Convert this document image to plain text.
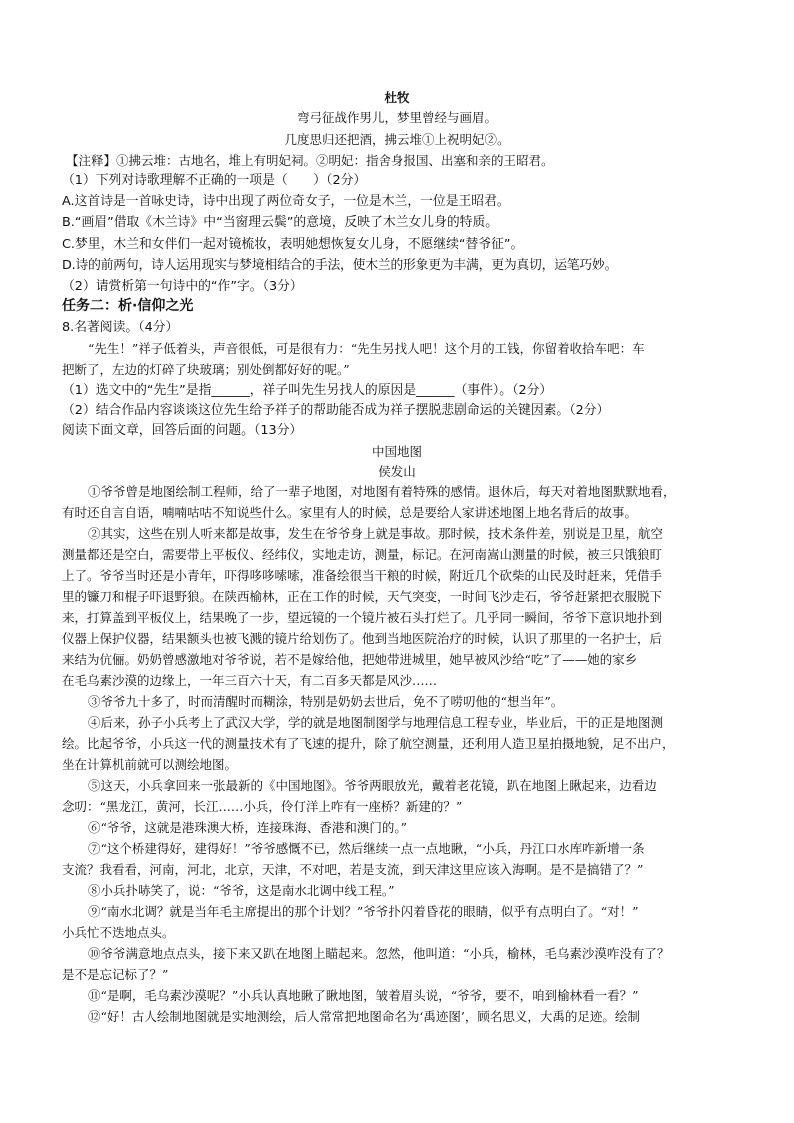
杜牧
弯弓征战作男儿，梦里曾经与画眉。
几度思归还把酒，拂云堆①上祝明妃②。
【注释】①拂云堆：古地名，堆上有明妃祠。②明妃：指舍身报国、出塞和亲的王昭君。
（1）下列对诗歌理解不正确的一项是（　　）（2分）
A.这首诗是一首咏史诗，诗中出现了两位奇女子，一位是木兰，一位是王昭君。
B.“画眉”借取《木兰诗》中“当窗理云鬓”的意境，反映了木兰女儿身的特质。
C.梦里，木兰和女伴们一起对镜梳妆，表明她想恢复女儿身，不愿继续“替爷征”。
D.诗的前两句，诗人运用现实与梦境相结合的手法，使木兰的形象更为丰满，更为真切，运笔巧妙。
（2）请赏析第一句诗中的“作”字。（3分）
任务二：析·信仰之光
8.名著阅读。（4分）
“先生！”祥子低着头，声音很低，可是很有力：“先生另找人吧！这个月的工钱，你留着收拾车吧：车
把断了，左边的灯碎了块玻璃；别处倒都好好的呢。”
（1）选文中的“先生”是指______，祥子叫先生另找人的原因是______（事件）。（2分）
（2）结合作品内容谈谈这位先生给予祥子的帮助能否成为祥子摆脱悲剧命运的关键因素。（2分）
阅读下面文章，回答后面的问题。（13分）
中国地图
侯发山
①爷爷曾是地图绘制工程师，给了一辈子地图，对地图有着特殊的感情。退休后，每天对着地图默默地看，
有时还自言自语，喃喃咕咕不知说些什么。家里有人的时候，总是要给人家讲述地图上地名背后的故事。
②其实，这些在别人听来都是故事，发生在爷爷身上就是事故。那时候，技术条件差，别说是卫星，航空
测量都还是空白，需要带上平板仪、经纬仪，实地走访，测量，标记。在河南嵩山测量的时候，被三只饿狼盯
上了。爷爷当时还是小青年，吓得哆哆嗦嗦，准备绘很当干粮的时候，附近几个砍柴的山民及时赶来，凭借手
里的镰刀和棍子吓退野狼。在陕西榆林，正在工作的时候，天气突变，一时间飞沙走石，爷爷赶紧把衣服脱下
来，打算盖到平板仪上，结果晚了一步，望远镜的一个镜片被石头打烂了。几乎同一瞬间，爷爷下意识地扑到
仪器上保护仪器，结果额头也被飞溅的镜片给划伤了。他到当地医院治疗的时候，认识了那里的一名护士，后
来结为伉俪。奶奶曾感激地对爷爷说，若不是嫁给他，把她带进城里，她早被风沙给“吃”了——她的家乡
在毛乌素沙漠的边缘上，一年三百六十天，有二百多天都是风沙……
③爷爷九十多了，时而清醒时而糊涂，特别是奶奶去世后，免不了唠叨他的“想当年”。
④后来，孙子小兵考上了武汉大学，学的就是地图制图学与地理信息工程专业，毕业后，干的正是地图测
绘。比起爷爷，小兵这一代的测量技术有了飞速的提升，除了航空测量，还利用人造卫星拍摄地貌，足不出户，
坐在计算机前就可以测绘地图。
⑤这天，小兵拿回来一张最新的《中国地图》。爷爷两眼放光，戴着老花镜，趴在地图上瞅起来，边看边
念叨：“黑龙江，黄河，长江……小兵，伶仃洋上咋有一座桥？新建的？”
⑥“爷爷，这就是港珠澳大桥，连接珠海、香港和澳门的。”
⑦“这个桥建得好，建得好！”爷爷感慨不已，然后继续一点一点地瞅，“小兵，丹江口水库咋新增一条
支流？我看看，河南，河北，北京，天津，不对吧，若是支流，到天津这里应该入海啊。是不是搞错了？”
⑧小兵扑哧笑了，说：“爷爷，这是南水北调中线工程。”
⑨“南水北调？就是当年毛主席提出的那个计划？”爷爷扑闪着昏花的眼睛，似乎有点明白了。“对！”
小兵忙不迭地点头。
⑩爷爷满意地点点头，接下来又趴在地图上瞄起来。忽然，他叫道：“小兵，榆林，毛乌素沙漠咋没有了？
是不是忘记标了？”
⑪“是啊，毛乌素沙漠呢？”小兵认真地瞅了瞅地图，皱着眉头说，“爷爷，要不，咱到榆林看一看？”
⑫“好！古人绘制地图就是实地测绘，后人常常把地图命名为‘禹迹图’，顾名思义，大禹的足迹。绘制
